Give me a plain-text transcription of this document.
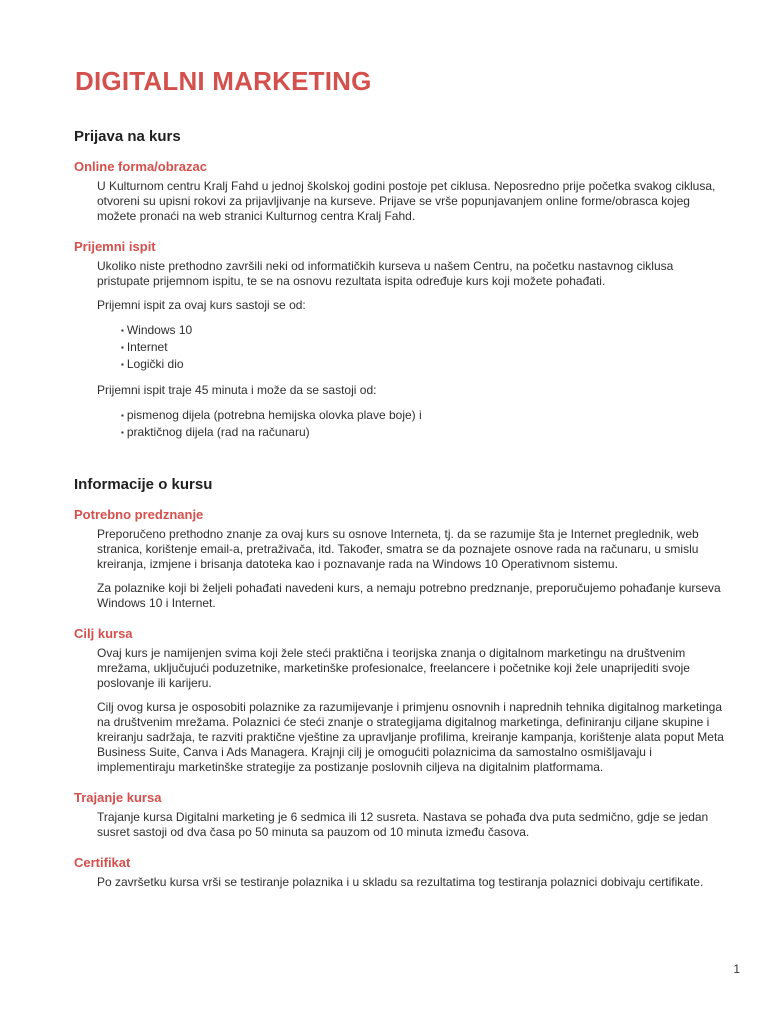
DIGITALNI MARKETING
Prijava na kurs
Online forma/obrazac

U Kulturnom centru Kralj Fahd u jednoj školskoj godini postoje pet ciklusa. Neposredno prije početka svakog ciklusa, otvoreni su upisni rokovi za prijavljivanje na kurseve. Prijave se vrše popunjavanjem online forme/obrasca kojeg možete pronaći na web stranici Kulturnog centra Kralj Fahd.

Prijemni ispit

Ukoliko niste prethodno završili neki od informatičkih kurseva u našem Centru, na početku nastavnog ciklusa pristupate prijemnom ispitu, te se na osnovu rezultata ispita određuje kurs koji možete pohađati.

Prijemni ispit za ovaj kurs sastoji se od:

▪ Windows 10
▪ Internet
▪ Logički dio

Prijemni ispit traje 45 minuta i može da se sastoji od:

▪ pismenog dijela (potrebna hemijska olovka plave boje) i
▪ praktičnog dijela (rad na računaru)
Informacije o kursu
Potrebno predznanje

Preporučeno prethodno znanje za ovaj kurs su osnove Interneta, tj. da se razumije šta je Internet preglednik, web stranica, korištenje email-a, pretraživača, itd. Također, smatra se da poznajete osnove rada na računaru, u smislu kreiranja, izmjene i brisanja datoteka kao i poznavanje rada na Windows 10 Operativnom sistemu.

Za polaznike koji bi željeli pohađati navedeni kurs, a nemaju potrebno predznanje, preporučujemo pohađanje kurseva Windows 10 i Internet.

Cilj kursa

Ovaj kurs je namijenjen svima koji žele steći praktična i teorijska znanja o digitalnom marketingu na društvenim mrežama, uključujući poduzetnike, marketinške profesionalce, freelancere i početnike koji žele unaprijediti svoje poslovanje ili karijeru.

Cilj ovog kursa je osposobiti polaznike za razumijevanje i primjenu osnovnih i naprednih tehnika digitalnog marketinga na društvenim mrežama. Polaznici će steći znanje o strategijama digitalnog marketinga, definiranju ciljane skupine i kreiranju sadržaja, te razviti praktične vještine za upravljanje profilima, kreiranje kampanja, korištenje alata poput Meta Business Suite, Canva i Ads Managera. Krajnji cilj je omogućiti polaznicima da samostalno osmišljavaju i implementiraju marketinške strategije za postizanje poslovnih ciljeva na digitalnim platformama.

Trajanje kursa

Trajanje kursa Digitalni marketing je 6 sedmica ili 12 susreta. Nastava se pohađa dva puta sedmično, gdje se jedan susret sastoji od dva časa po 50 minuta sa pauzom od 10 minuta između časova.

Certifikat

Po završetku kursa vrši se testiranje polaznika i u skladu sa rezultatima tog testiranja polaznici dobivaju certifikate.

1
